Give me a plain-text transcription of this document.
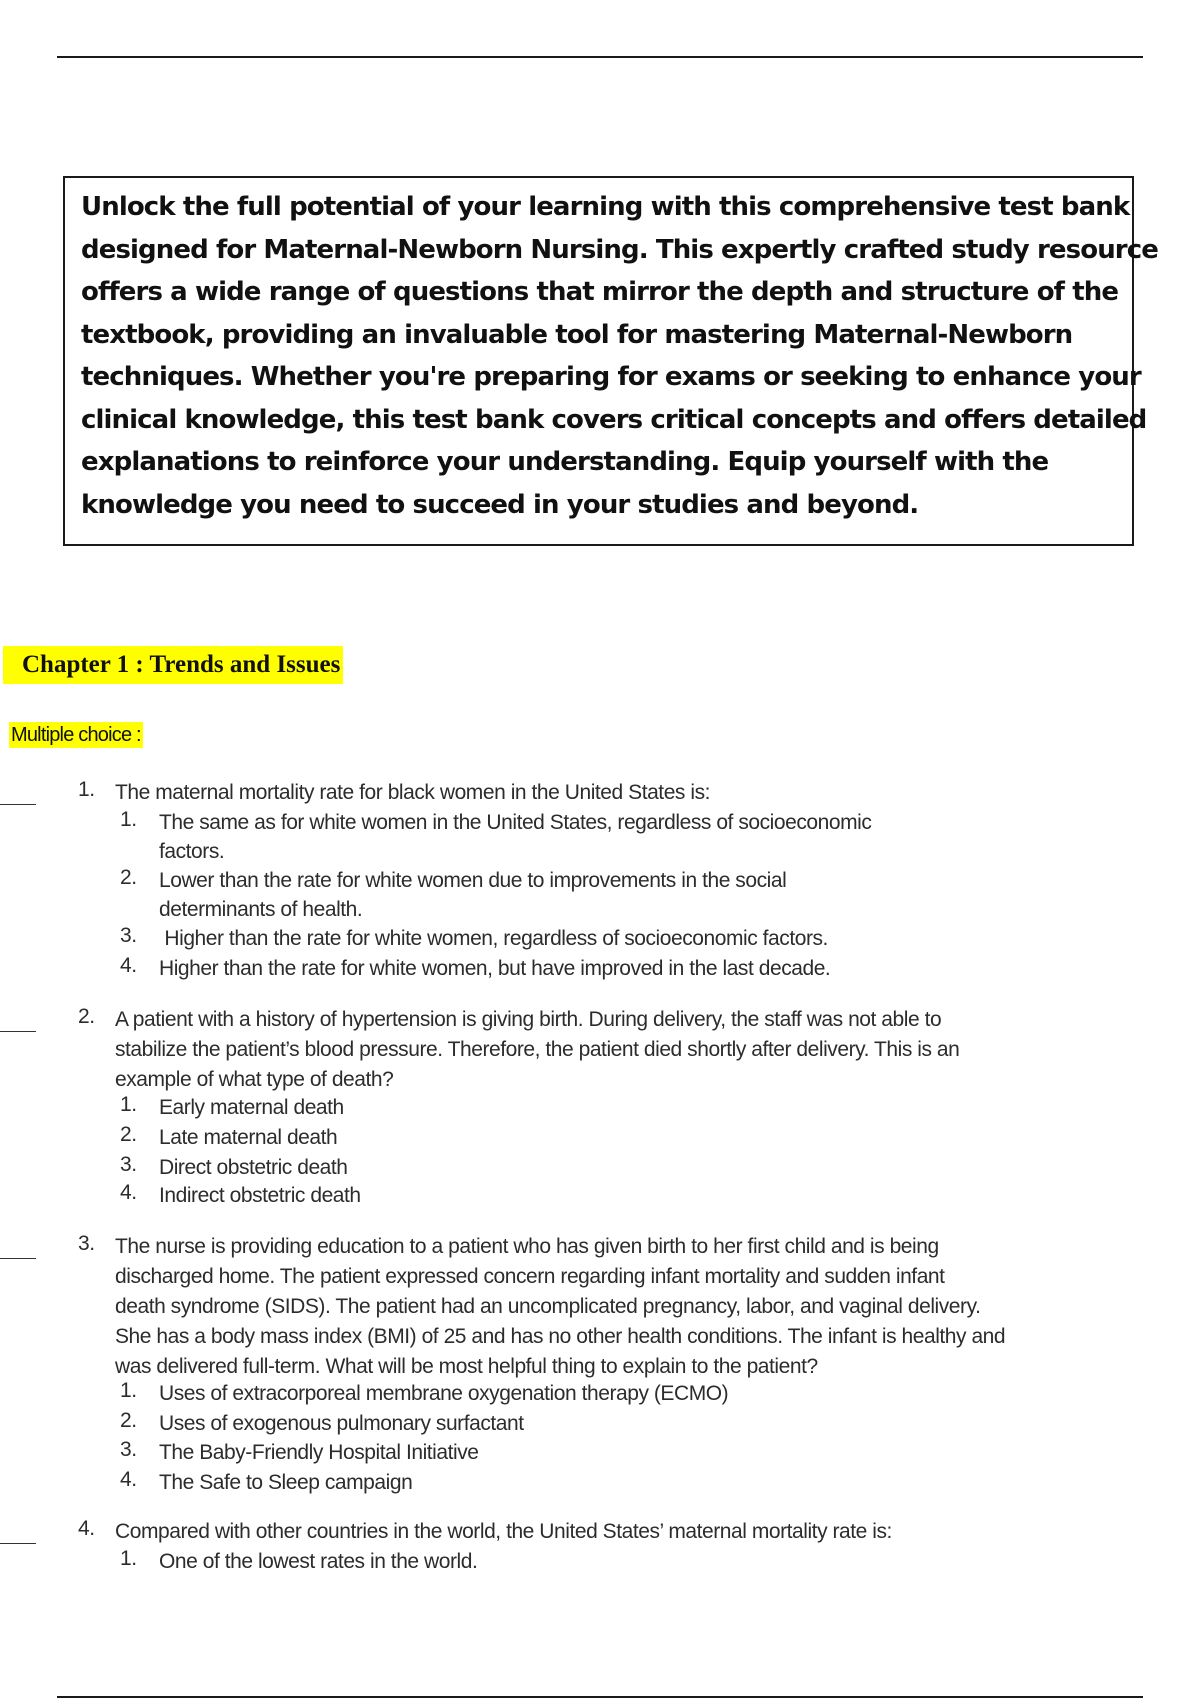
Unlock the full potential of your learning with this comprehensive test bank
designed for Maternal-Newborn Nursing. This expertly crafted study resource
offers a wide range of questions that mirror the depth and structure of the
textbook, providing an invaluable tool for mastering Maternal-Newborn
techniques. Whether you're preparing for exams or seeking to enhance your
clinical knowledge, this test bank covers critical concepts and offers detailed
explanations to reinforce your understanding. Equip yourself with the
knowledge you need to succeed in your studies and beyond.
Chapter 1 : Trends and Issues
Multiple choice :
1. The maternal mortality rate for black women in the United States is:
1. The same as for white women in the United States, regardless of socioeconomic
factors.
2. Lower than the rate for white women due to improvements in the social
determinants of health.
3. Higher than the rate for white women, regardless of socioeconomic factors.
4. Higher than the rate for white women, but have improved in the last decade.
2. A patient with a history of hypertension is giving birth. During delivery, the staff was not able to
stabilize the patient’s blood pressure. Therefore, the patient died shortly after delivery. This is an
example of what type of death?
1. Early maternal death
2. Late maternal death
3. Direct obstetric death
4. Indirect obstetric death
3. The nurse is providing education to a patient who has given birth to her first child and is being
discharged home. The patient expressed concern regarding infant mortality and sudden infant
death syndrome (SIDS). The patient had an uncomplicated pregnancy, labor, and vaginal delivery.
She has a body mass index (BMI) of 25 and has no other health conditions. The infant is healthy and
was delivered full-term. What will be most helpful thing to explain to the patient?
1. Uses of extracorporeal membrane oxygenation therapy (ECMO)
2. Uses of exogenous pulmonary surfactant
3. The Baby-Friendly Hospital Initiative
4. The Safe to Sleep campaign
4. Compared with other countries in the world, the United States’ maternal mortality rate is:
1. One of the lowest rates in the world.
